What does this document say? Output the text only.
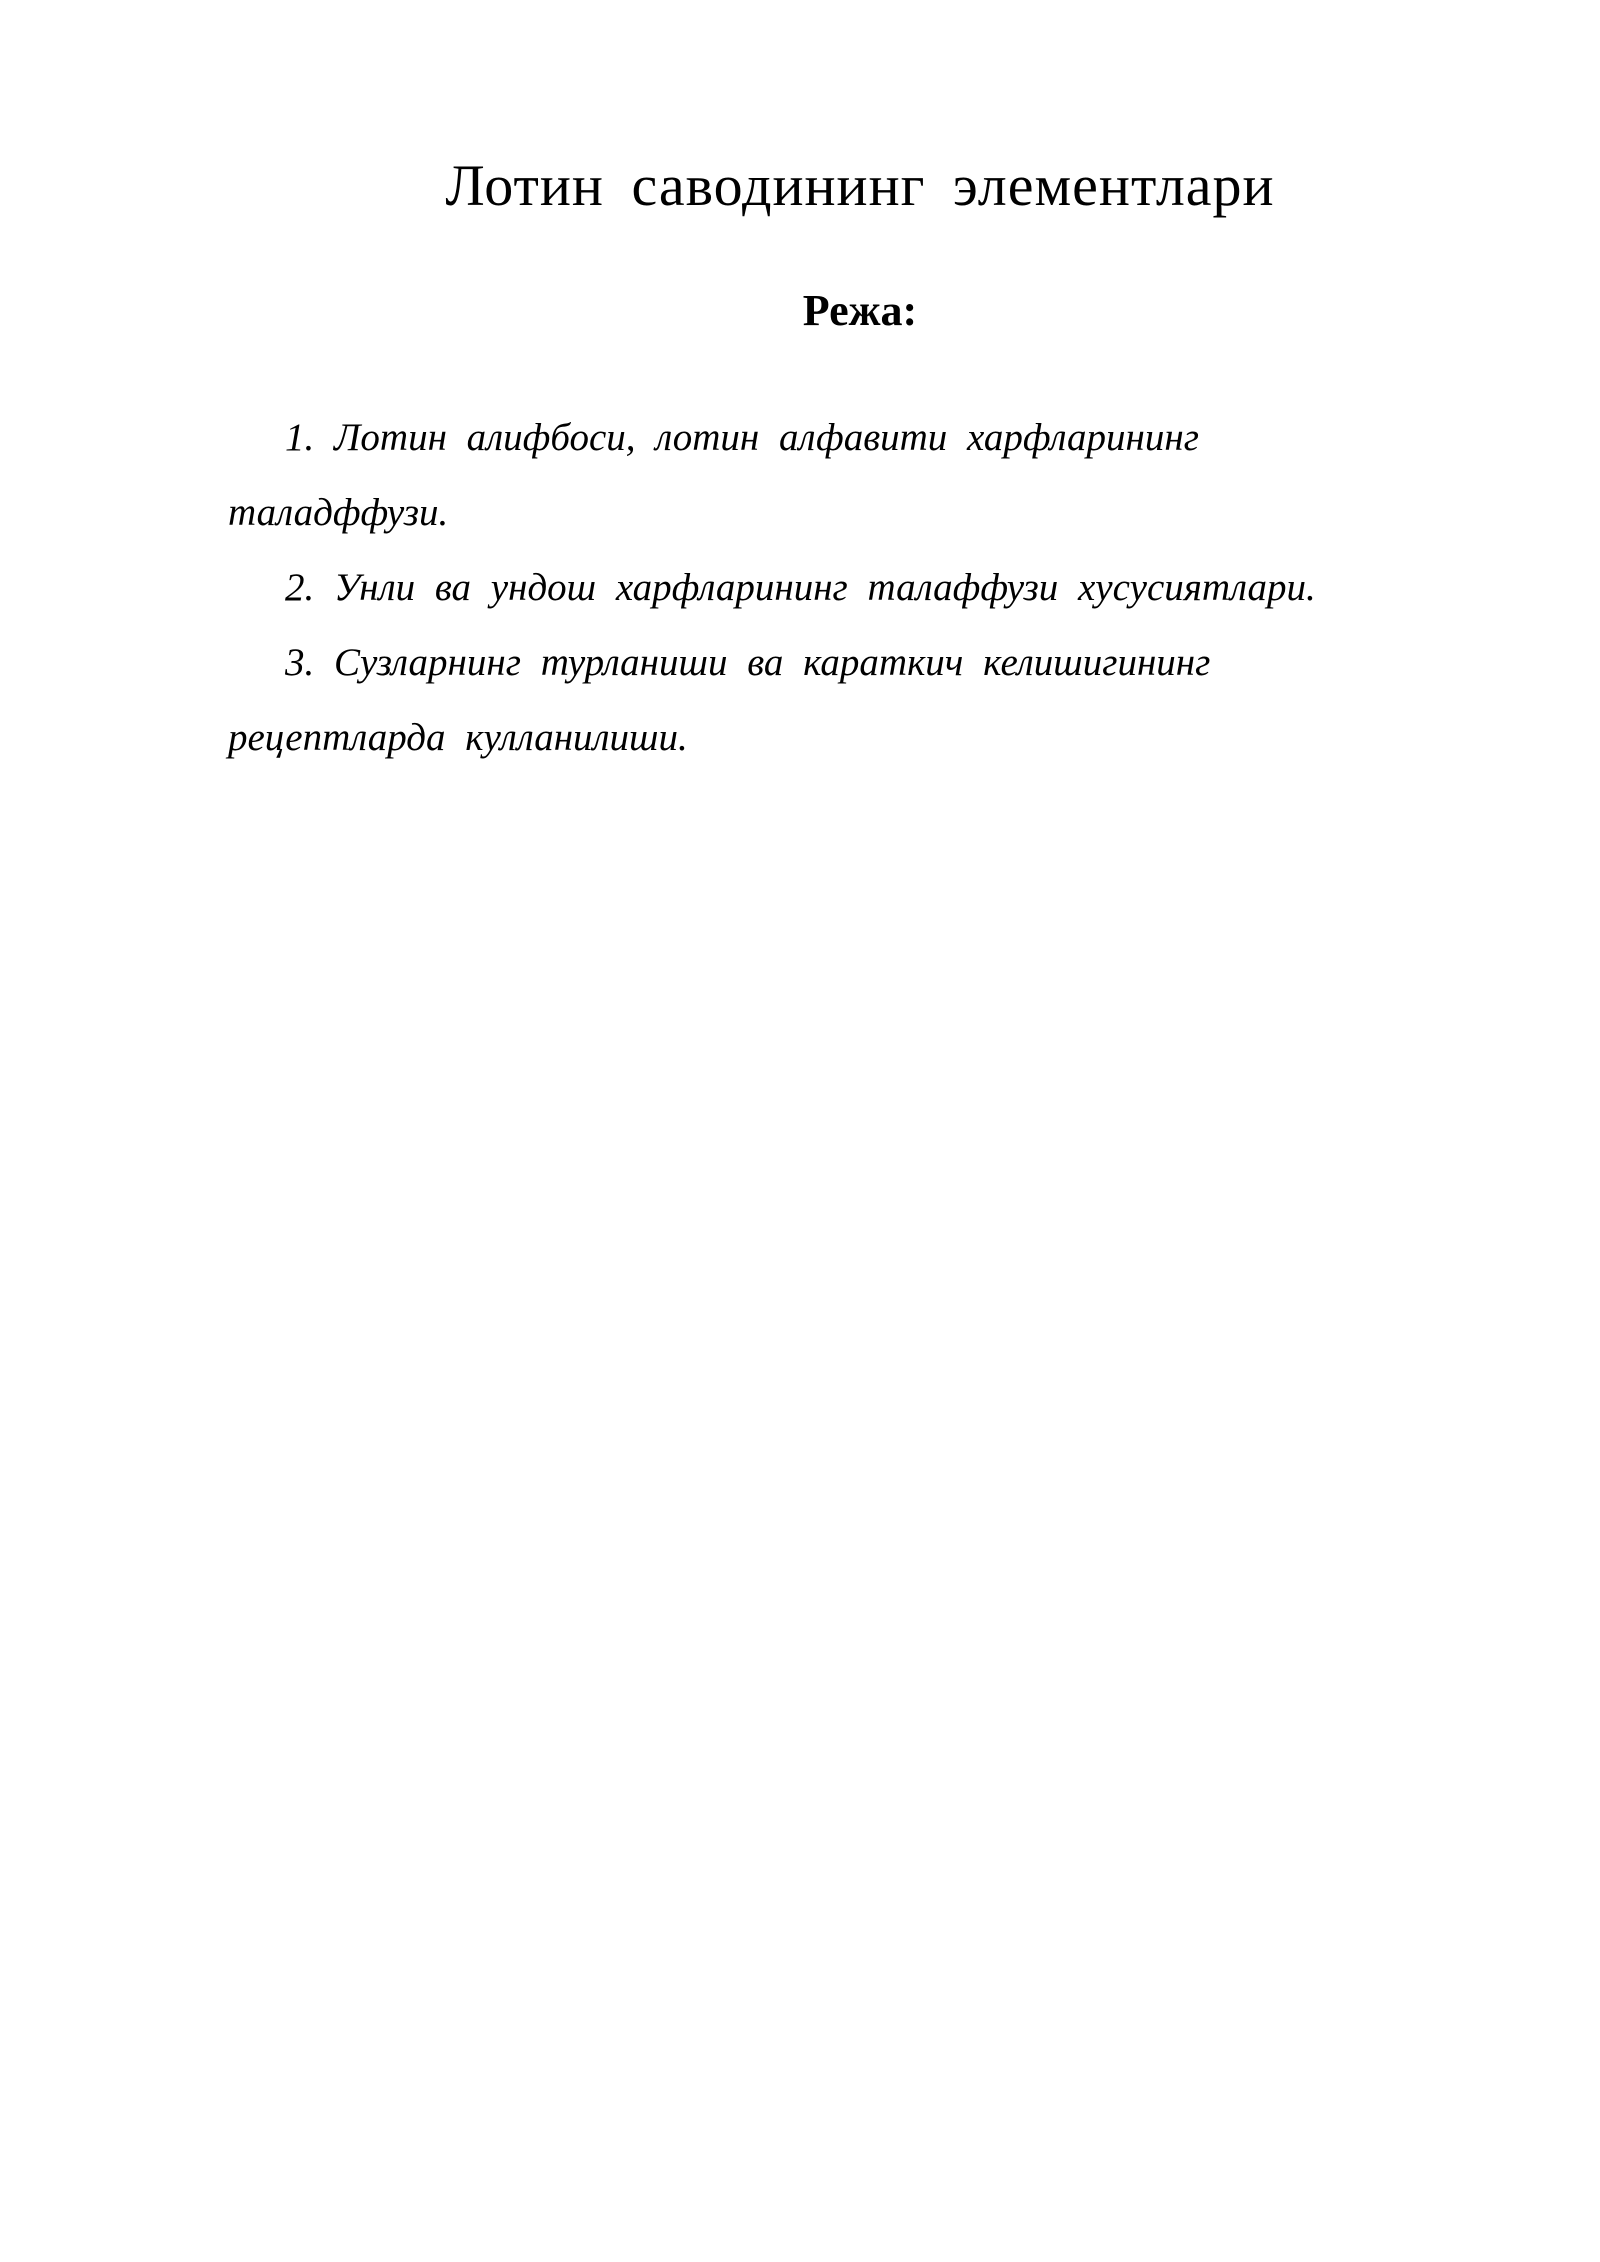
Лотин саводининг элементлари
Режа:
1. Лотин алифбоси, лотин алфавити харфларининг таладффузи.
2. Унли ва ундош харфларининг талаффузи хусусиятлари.
3. Сузларнинг турланиши ва караткич келишигининг рецептларда кулланилиши.
